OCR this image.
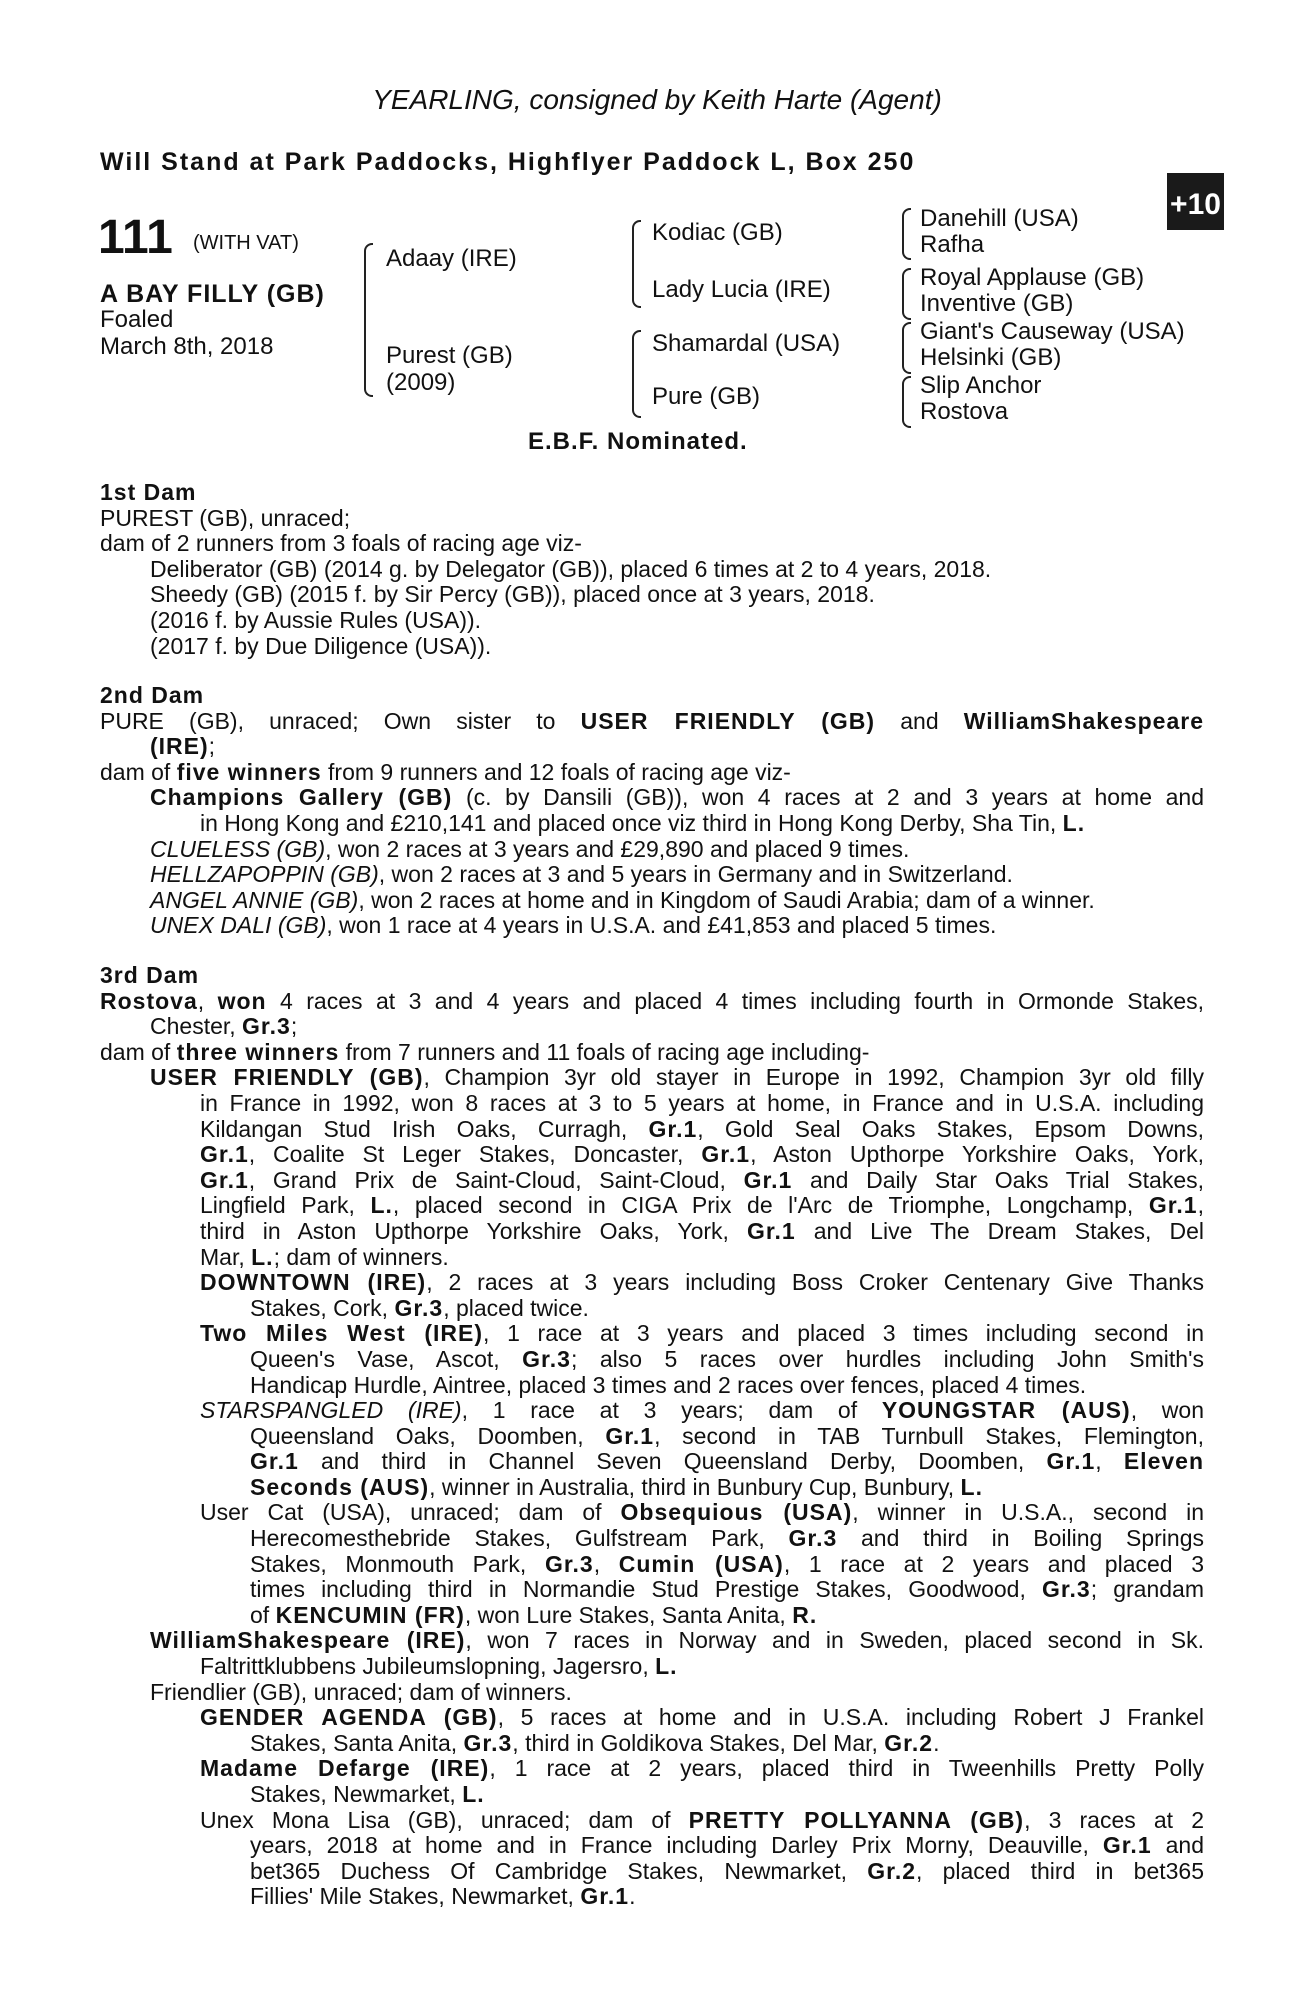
YEARLING, consigned by Keith Harte (Agent)
Will Stand at Park Paddocks, Highflyer Paddock L, Box 250
+10
111 (WITH VAT)
A BAY FILLY (GB)
Foaled
March 8th, 2018
Adaay (IRE)
Purest (GB)
(2009)
Kodiac (GB)
Lady Lucia (IRE)
Shamardal (USA)
Pure (GB)
Danehill (USA)
Rafha
Royal Applause (GB)
Inventive (GB)
Giant's Causeway (USA)
Helsinki (GB)
Slip Anchor
Rostova
E.B.F. Nominated.
1st Dam
PUREST (GB), unraced;
dam of 2 runners from 3 foals of racing age viz-
Deliberator (GB) (2014 g. by Delegator (GB)), placed 6 times at 2 to 4 years, 2018.
Sheedy (GB) (2015 f. by Sir Percy (GB)), placed once at 3 years, 2018.
(2016 f. by Aussie Rules (USA)).
(2017 f. by Due Diligence (USA)).
2nd Dam
PURE (GB), unraced; Own sister to USER FRIENDLY (GB) and WilliamShakespeare
(IRE);
dam of five winners from 9 runners and 12 foals of racing age viz-
Champions Gallery (GB) (c. by Dansili (GB)), won 4 races at 2 and 3 years at home and
in Hong Kong and £210,141 and placed once viz third in Hong Kong Derby, Sha Tin, L.
CLUELESS (GB), won 2 races at 3 years and £29,890 and placed 9 times.
HELLZAPOPPIN (GB), won 2 races at 3 and 5 years in Germany and in Switzerland.
ANGEL ANNIE (GB), won 2 races at home and in Kingdom of Saudi Arabia; dam of a winner.
UNEX DALI (GB), won 1 race at 4 years in U.S.A. and £41,853 and placed 5 times.
3rd Dam
Rostova, won 4 races at 3 and 4 years and placed 4 times including fourth in Ormonde Stakes,
Chester, Gr.3;
dam of three winners from 7 runners and 11 foals of racing age including-
USER FRIENDLY (GB), Champion 3yr old stayer in Europe in 1992, Champion 3yr old filly
in France in 1992, won 8 races at 3 to 5 years at home, in France and in U.S.A. including
Kildangan Stud Irish Oaks, Curragh, Gr.1, Gold Seal Oaks Stakes, Epsom Downs,
Gr.1, Coalite St Leger Stakes, Doncaster, Gr.1, Aston Upthorpe Yorkshire Oaks, York,
Gr.1, Grand Prix de Saint-Cloud, Saint-Cloud, Gr.1 and Daily Star Oaks Trial Stakes,
Lingfield Park, L., placed second in CIGA Prix de l'Arc de Triomphe, Longchamp, Gr.1,
third in Aston Upthorpe Yorkshire Oaks, York, Gr.1 and Live The Dream Stakes, Del
Mar, L.; dam of winners.
DOWNTOWN (IRE), 2 races at 3 years including Boss Croker Centenary Give Thanks
Stakes, Cork, Gr.3, placed twice.
Two Miles West (IRE), 1 race at 3 years and placed 3 times including second in
Queen's Vase, Ascot, Gr.3; also 5 races over hurdles including John Smith's
Handicap Hurdle, Aintree, placed 3 times and 2 races over fences, placed 4 times.
STARSPANGLED (IRE), 1 race at 3 years; dam of YOUNGSTAR (AUS), won
Queensland Oaks, Doomben, Gr.1, second in TAB Turnbull Stakes, Flemington,
Gr.1 and third in Channel Seven Queensland Derby, Doomben, Gr.1, Eleven
Seconds (AUS), winner in Australia, third in Bunbury Cup, Bunbury, L.
User Cat (USA), unraced; dam of Obsequious (USA), winner in U.S.A., second in
Herecomesthebride Stakes, Gulfstream Park, Gr.3 and third in Boiling Springs
Stakes, Monmouth Park, Gr.3, Cumin (USA), 1 race at 2 years and placed 3
times including third in Normandie Stud Prestige Stakes, Goodwood, Gr.3; grandam
of KENCUMIN (FR), won Lure Stakes, Santa Anita, R.
WilliamShakespeare (IRE), won 7 races in Norway and in Sweden, placed second in Sk.
Faltrittklubbens Jubileumslopning, Jagersro, L.
Friendlier (GB), unraced; dam of winners.
GENDER AGENDA (GB), 5 races at home and in U.S.A. including Robert J Frankel
Stakes, Santa Anita, Gr.3, third in Goldikova Stakes, Del Mar, Gr.2.
Madame Defarge (IRE), 1 race at 2 years, placed third in Tweenhills Pretty Polly
Stakes, Newmarket, L.
Unex Mona Lisa (GB), unraced; dam of PRETTY POLLYANNA (GB), 3 races at 2
years, 2018 at home and in France including Darley Prix Morny, Deauville, Gr.1 and
bet365 Duchess Of Cambridge Stakes, Newmarket, Gr.2, placed third in bet365
Fillies' Mile Stakes, Newmarket, Gr.1.
